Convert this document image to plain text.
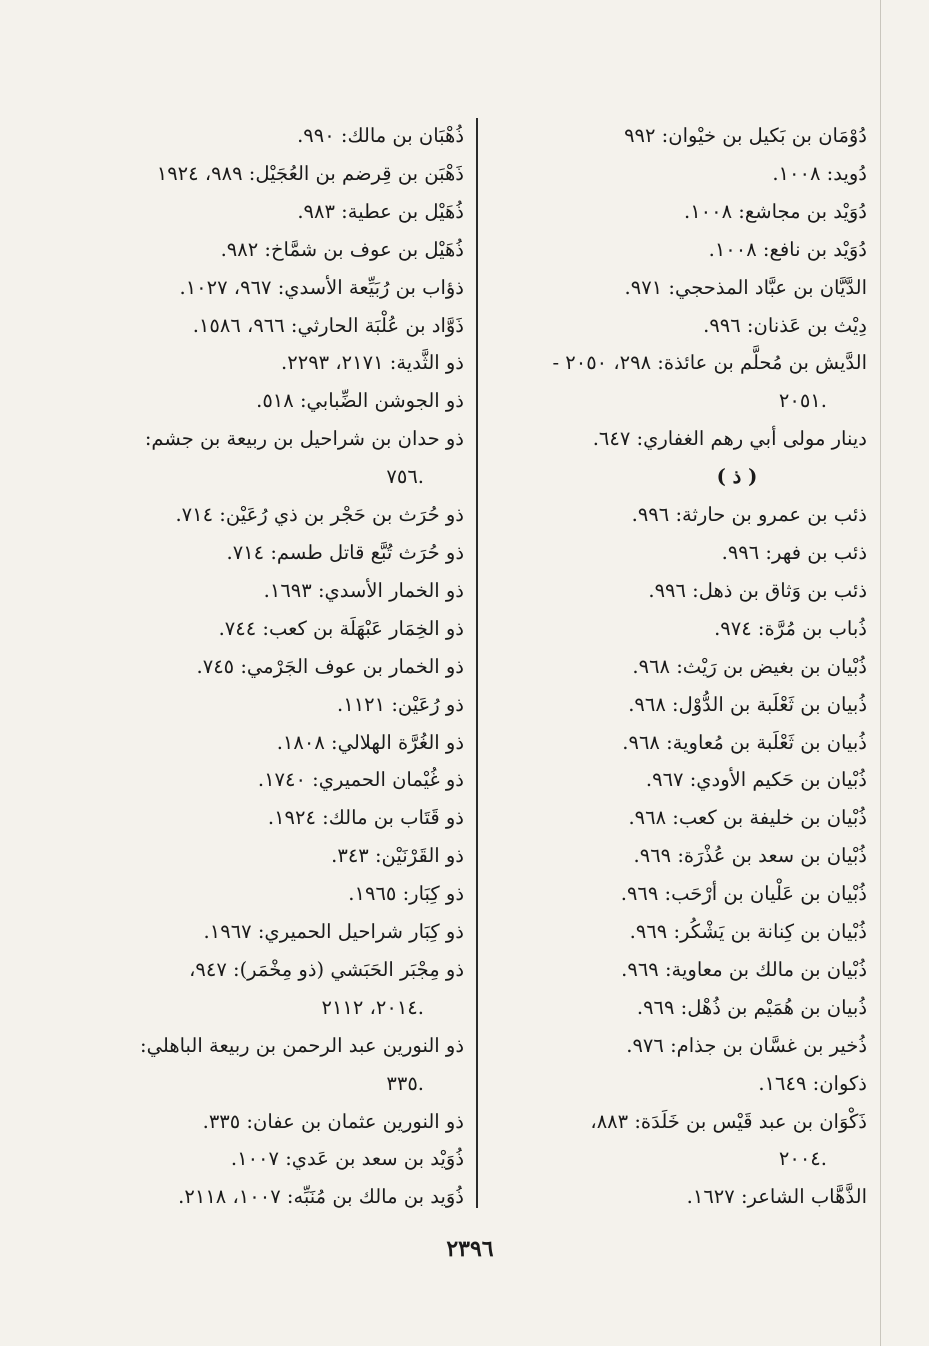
دُوْمَان بن بَكيل بن خيْوان: ٩٩٢
دُويد: ١٠٠٨.
دُوَيْد بن مجاشع: ١٠٠٨.
دُوَيْد بن نافع: ١٠٠٨.
الدَّيَّان بن عبَّاد المذحجي: ٩٧١.
دِيْث بن عَذنان: ٩٩٦.
الدَّيش بن مُحلَّم بن عائذة: ٢٩٨، ٢٠٥٠ -
٢٠٥١.
دينار مولى أبي رهم الغفاري: ٦٤٧.
( ذ )
ذئب بن عمرو بن حارثة: ٩٩٦.
ذئب بن فهر: ٩٩٦.
ذئب بن وَثاق بن ذهل: ٩٩٦.
ذُباب بن مُرَّة: ٩٧٤.
ذُبْيان بن بغيض بن رَيْث: ٩٦٨.
ذُبيان بن ثَعْلَبة بن الدُّوْل: ٩٦٨.
ذُبيان بن ثَعْلَبة بن مُعاوية: ٩٦٨.
ذُبْيان بن حَكيم الأودي: ٩٦٧.
ذُبْيان بن خليفة بن كعب: ٩٦٨.
ذُبْيان بن سعد بن عُذْرَة: ٩٦٩.
ذُبْيان بن عَلْيان بن أرْحَب: ٩٦٩.
ذُبْيان بن كِنانة بن يَشْكُر: ٩٦٩.
ذُبْيان بن مالك بن معاوية: ٩٦٩.
ذُبيان بن هُمَيْم بن ذُهْل: ٩٦٩.
ذُخير بن غسَّان بن جذام: ٩٧٦.
ذكوان: ١٦٤٩.
ذَكْوَان بن عبد قَيْس بن خَلَدَة: ٨٨٣،
٢٠٠٤.
الذَّهَّاب الشاعر: ١٦٢٧.
ذُهْبَان بن مالك: ٩٩٠.
ذَهْبَن بن قِرضم بن العُجَيْل: ٩٨٩، ١٩٢٤
ذُهَيْل بن عطية: ٩٨٣.
ذُهَيْل بن عوف بن شمَّاخ: ٩٨٢.
ذؤاب بن رُبَيِّعة الأسدي: ٩٦٧، ١٠٢٧.
ذَوَّاد بن عُلْبَة الحارثي: ٩٦٦، ١٥٨٦.
ذو الثَّدية: ٢١٧١، ٢٢٩٣.
ذو الجوشن الضِّبابي: ٥١٨.
ذو حدان بن شراحيل بن ربيعة بن جشم:
٧٥٦.
ذو حُرَث بن حَجْر بن ذي رُعَيْن: ٧١٤.
ذو حُرَث تُبَّع قاتل طسم: ٧١٤.
ذو الخمار الأسدي: ١٦٩٣.
ذو الخِمَار عَبْهَلَة بن كعب: ٧٤٤.
ذو الخمار بن عوف الجَرْمي: ٧٤٥.
ذو رُعَيْن: ١١٢١.
ذو الغُرَّة الهلالي: ١٨٠٨.
ذو غُيْمان الحميري: ١٧٤٠.
ذو قَتَاب بن مالك: ١٩٢٤.
ذو القَرْنَيْن: ٣٤٣.
ذو كِبَار: ١٩٦٥.
ذو كِبَار شراحيل الحميري: ١٩٦٧.
ذو مِجْبَر الحَبَشي (ذو مِخْمَر): ٩٤٧،
٢٠١٤، ٢١١٢.
ذو النورين عبد الرحمن بن ربيعة الباهلي:
٣٣٥.
ذو النورين عثمان بن عفان: ٣٣٥.
ذُوَيْد بن سعد بن عَدي: ١٠٠٧.
ذُوَيد بن مالك بن مُنَبِّه: ١٠٠٧، ٢١١٨.
٢٣٩٦
